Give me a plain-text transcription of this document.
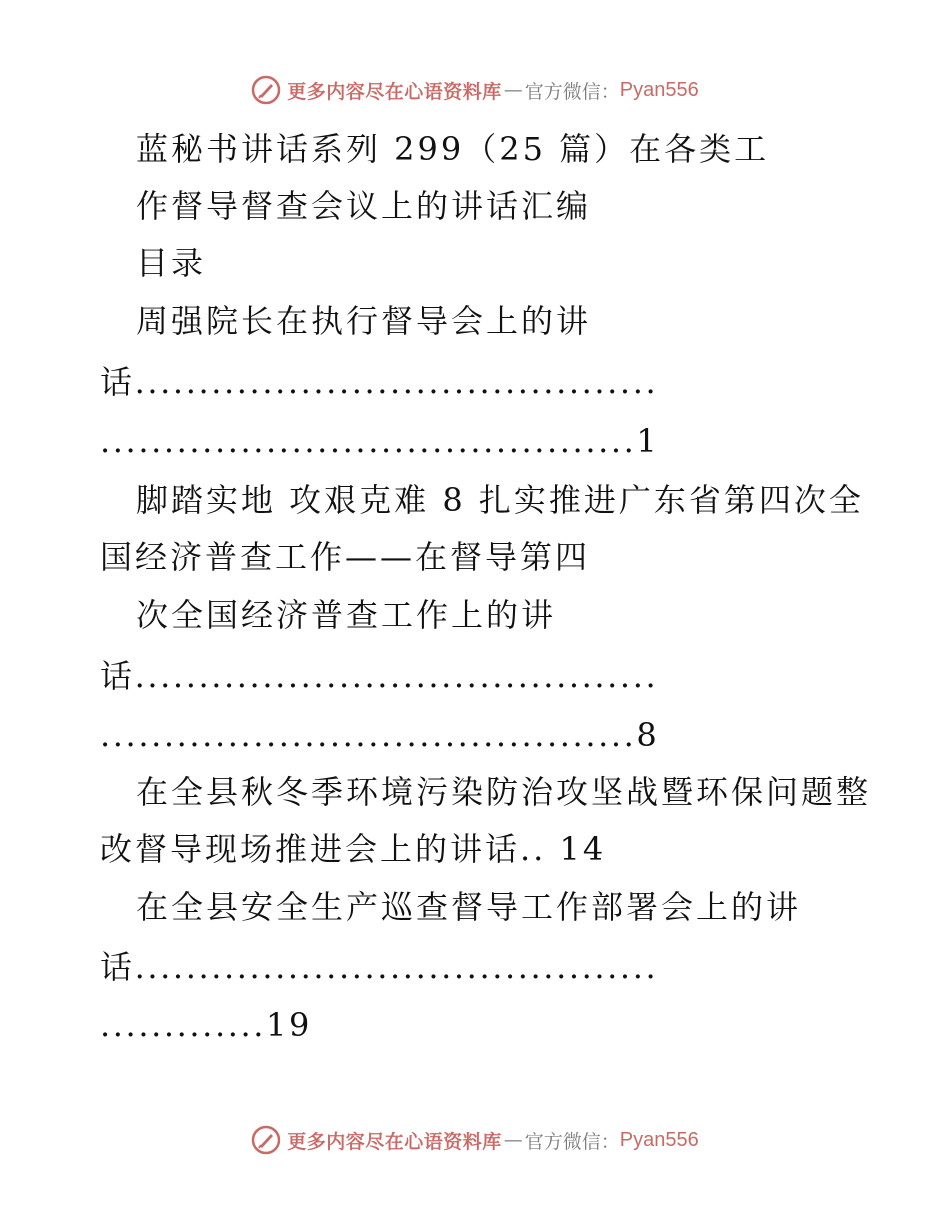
更多内容尽在心语资料库 — 官方微信： Pyan556
蓝秘书讲话系列 299（25 篇）在各类工
作督导督查会议上的讲话汇编
目录
周强院长在执行督导会上的讲
话.........................................
..........................................1
脚踏实地 攻艰克难 8 扎实推进广东省第四次全
国经济普查工作——在督导第四
次全国经济普查工作上的讲
话.........................................
..........................................8
在全县秋冬季环境污染防治攻坚战暨环保问题整
改督导现场推进会上的讲话.. 14
在全县安全生产巡查督导工作部署会上的讲
话.........................................
.............19
更多内容尽在心语资料库 — 官方微信： Pyan556
